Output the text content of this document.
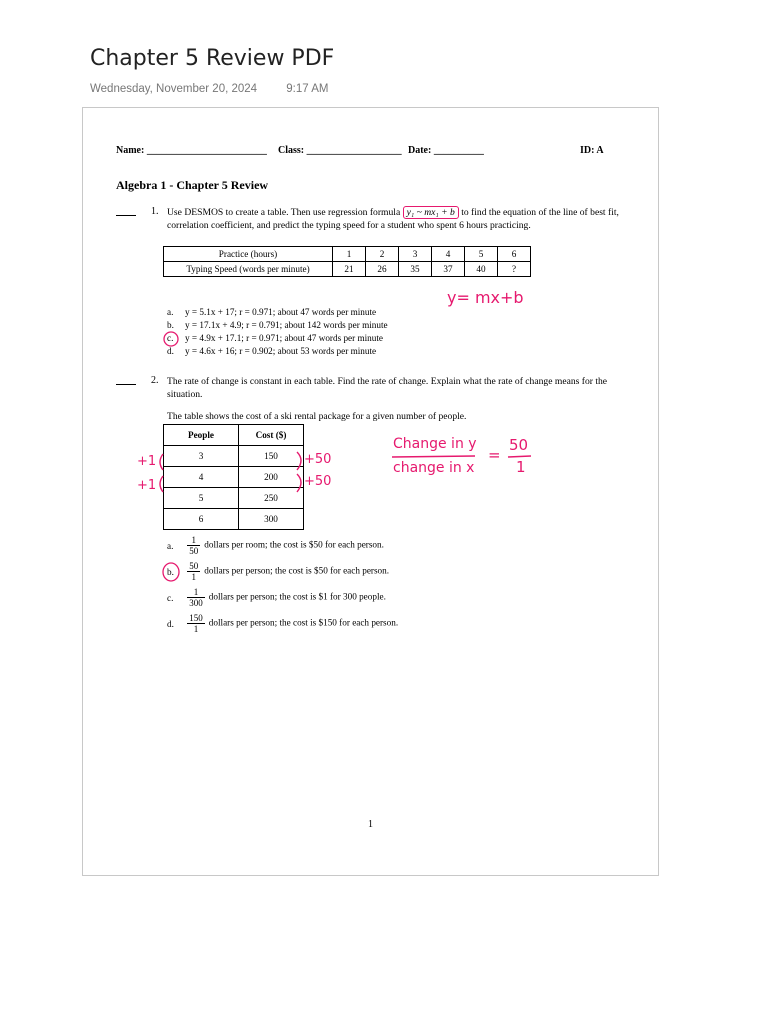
Chapter 5 Review PDF
Wednesday, November 20, 2024	9:17 AM
Name: ________________________ Class: ___________________ Date: __________	ID: A
Algebra 1 - Chapter 5 Review
1. Use DESMOS to create a table. Then use regression formula y₁ ~ mx₁ + b to find the equation of the line of best fit, correlation coefficient, and predict the typing speed for a student who spent 6 hours practicing.
Practice (hours)	1	2	3	4	5	6
Typing Speed (words per minute)	21	26	35	37	40	?
a. y = 5.1x + 17; r = 0.971; about 47 words per minute
b. y = 17.1x + 4.9; r = 0.791; about 142 words per minute
c. y = 4.9x + 17.1; r = 0.971; about 47 words per minute
d. y = 4.6x + 16; r = 0.902; about 53 words per minute
2. The rate of change is constant in each table. Find the rate of change. Explain what the rate of change means for the situation.
The table shows the cost of a ski rental package for a given number of people.
People	Cost ($)
3	150
4	200
5	250
6	300
a. $\frac{1}{50}$ dollars per room; the cost is $50 for each person.
b. $\frac{50}{1}$ dollars per person; the cost is $50 for each person.
c. $\frac{1}{300}$ dollars per person; the cost is $1 for 300 people.
d. $\frac{150}{1}$ dollars per person; the cost is $150 for each person.
1
y= mx+b
+1
+1
+50
+50
Change in y
change in x
=
50
1
